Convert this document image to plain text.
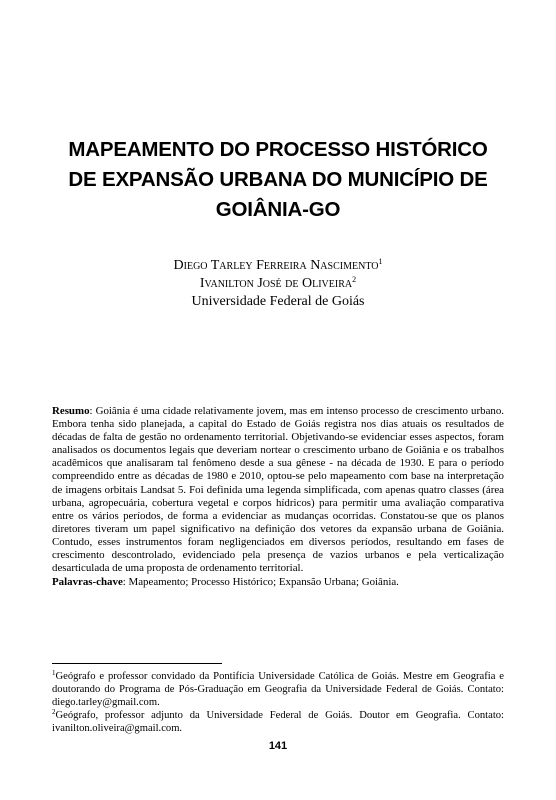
MAPEAMENTO DO PROCESSO HISTÓRICO
DE EXPANSÃO URBANA DO MUNICÍPIO DE
GOIÂNIA-GO
Diego Tarley Ferreira Nascimento$^1$
Ivanilton José de Oliveira$^2$
Universidade Federal de Goiás
Resumo: Goiânia é uma cidade relativamente jovem, mas em intenso processo de crescimento urbano. Embora tenha sido planejada, a capital do Estado de Goiás registra nos dias atuais os resultados de décadas de falta de gestão no ordenamento territorial. Objetivando-se evidenciar esses aspectos, foram analisados os documentos legais que deveriam nortear o crescimento urbano de Goiânia e os trabalhos acadêmicos que analisaram tal fenômeno desde a sua gênese - na década de 1930. E para o período compreendido entre as décadas de 1980 e 2010, optou-se pelo mapeamento com base na interpretação de imagens orbitais Landsat 5. Foi definida uma legenda simplificada, com apenas quatro classes (área urbana, agropecuária, cobertura vegetal e corpos hídricos) para permitir uma avaliação comparativa entre os vários períodos, de forma a evidenciar as mudanças ocorridas. Constatou-se que os planos diretores tiveram um papel significativo na definição dos vetores da expansão urbana de Goiânia. Contudo, esses instrumentos foram negligenciados em diversos períodos, resultando em fases de crescimento descontrolado, evidenciado pela presença de vazios urbanos e pela verticalização desarticulada de uma proposta de ordenamento territorial.
Palavras-chave: Mapeamento; Processo Histórico; Expansão Urbana; Goiânia.

$^1$Geógrafo e professor convidado da Pontifícia Universidade Católica de Goiás. Mestre em Geografia e doutorando do Programa de Pós-Graduação em Geografia da Universidade Federal de Goiás. Contato: diego.tarley@gmail.com.

$^2$Geógrafo, professor adjunto da Universidade Federal de Goiás. Doutor em Geografia. Contato: ivanilton.oliveira@gmail.com.

141
